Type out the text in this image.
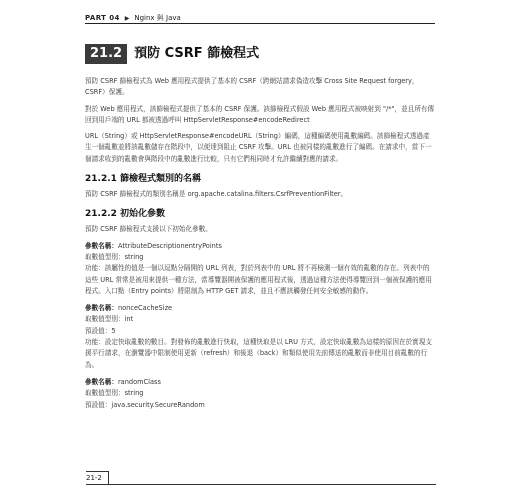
PART 04 ▶ Nginx 與 Java
21.2 預防 CSRF 篩檢程式

預防 CSRF 篩檢程式為 Web 應用程式提供了基本的 CSRF（跨網站請求偽造攻擊 Cross Site Request forgery，CSRF）保護。

對於 Web 應用程式，該篩檢程式提供了基本的 CSRF 保護。該篩檢程式假設 Web 應用程式被映射到 "/*"，並且所有傳回到用戶端的 URL 都被透過呼叫 HttpServletResponse#encodeRedirect

URL（String）或 HttpServletResponse#encodeURL（String）編碼，這種編碼使用亂數編碼。該篩檢程式透過產生一個亂數並將該亂數儲存在階段中，以便達到阻止 CSRF 攻擊。URL 也被同樣的亂數進行了編碼。在請求中，當下一個請求收到的亂數會與階段中的亂數進行比較，只有它們相同時才允許繼續對應的請求。

21.2.1 篩檢程式類別的名稱

預防 CSRF 篩檢程式的類別名稱是 org.apache.catalina.filters.CsrfPreventionFilter。

21.2.2 初始化參數

預防 CSRF 篩檢程式支援以下初始化參數。

參數名稱：AttributeDescriptionentryPoints
取數值型別：string
功能：該屬性的值是一個以逗點分隔開的 URL 列表，對於列表中的 URL 將不再檢測一個有效的亂數的存在。列表中的這些 URL 常常是被用來提供一種方法，當導覽器開被保護的應用程式後，透過這種方法使得導覽回到一個被保護的應用程式。入口點（Entry points）將限制為 HTTP GET 請求，並且不應該觸發任何安全敏感的動作。
參數名稱：nonceCacheSize
取數值型別：int
預設值：5
功能：設定快取亂數的數目。對發佈的亂數進行快取，這種快取是以 LRU 方式，設定快取亂數為這樣的原因在於實現支援平行請求，在瀏覽器中限制使用更新（refresh）和後退（back）和類似使用先前傳送的亂數而非使用目前亂數的行為。
參數名稱：randomClass
取數值型別：string
預設值：java.security.SecureRandom
21-2
